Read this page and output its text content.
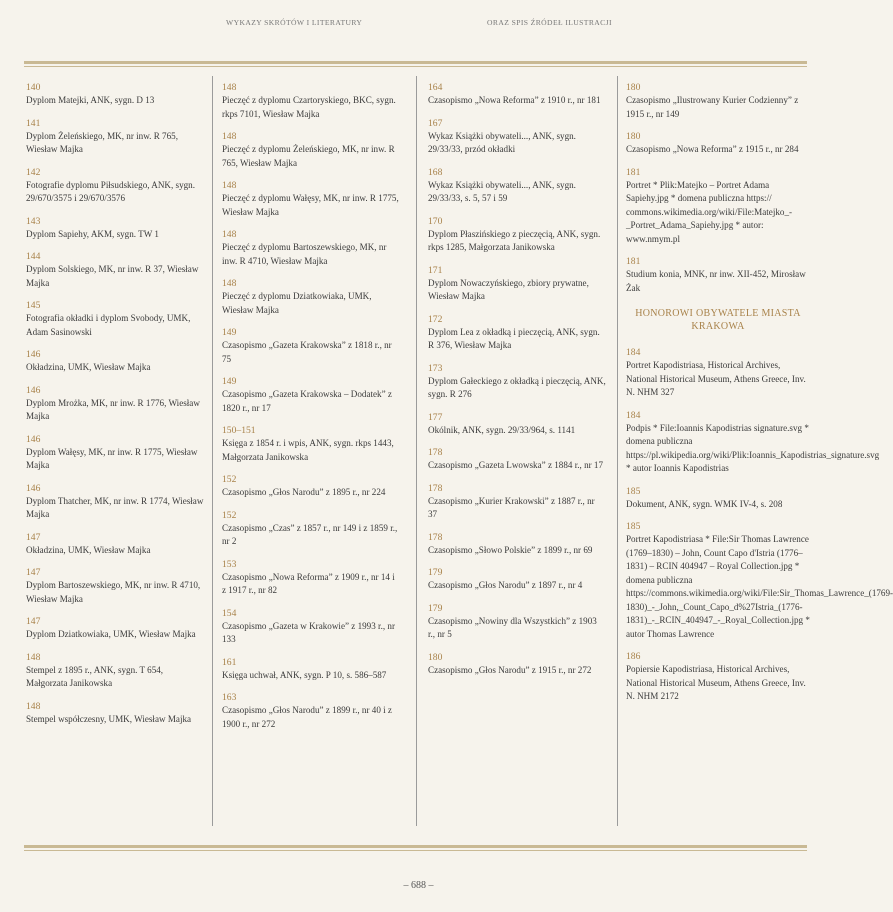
WYKAZY SKRÓTÓW I LITERATURY	ORAZ SPIS ŹRÓDEŁ ILUSTRACJI
140
Dyplom Matejki, ANK, sygn. D 13
141
Dyplom Żeleńskiego, MK, nr inw. R 765, Wiesław Majka
142
Fotografie dyplomu Piłsudskiego, ANK, sygn. 29/670/3575 i 29/670/3576
143
Dyplom Sapiehy, AKM, sygn. TW 1
144
Dyplom Solskiego, MK, nr inw. R 37, Wiesław Majka
145
Fotografia okładki i dyplom Svobody, UMK, Adam Sasinowski
146
Okładzina, UMK, Wiesław Majka
146
Dyplom Mrożka, MK, nr inw. R 1776, Wiesław Majka
146
Dyplom Wałęsy, MK, nr inw. R 1775, Wiesław Majka
146
Dyplom Thatcher, MK, nr inw. R 1774, Wiesław Majka
147
Okładzina, UMK, Wiesław Majka
147
Dyplom Bartoszewskiego, MK, nr inw. R 4710, Wiesław Majka
147
Dyplom Dziatkowiaka, UMK, Wiesław Majka
148
Stempel z 1895 r., ANK, sygn. T 654, Małgorzata Janikowska
148
Stempel współczesny, UMK, Wiesław Majka
148
Pieczęć z dyplomu Czartoryskiego, BKC, sygn. rkps 7101, Wiesław Majka
148
Pieczęć z dyplomu Żeleńskiego, MK, nr inw. R 765, Wiesław Majka
148
Pieczęć z dyplomu Wałęsy, MK, nr inw. R 1775, Wiesław Majka
148
Pieczęć z dyplomu Bartoszewskiego, MK, nr inw. R 4710, Wiesław Majka
148
Pieczęć z dyplomu Dziatkowiaka, UMK, Wiesław Majka
149
Czasopismo „Gazeta Krakowska” z 1818 r., nr 75
149
Czasopismo „Gazeta Krakowska – Dodatek” z 1820 r., nr 17
150–151
Księga z 1854 r. i wpis, ANK, sygn. rkps 1443, Małgorzata Janikowska
152
Czasopismo „Głos Narodu” z 1895 r., nr 224
152
Czasopismo „Czas” z 1857 r., nr 149 i z 1859 r., nr 2
153
Czasopismo „Nowa Reforma” z 1909 r., nr 14 i z 1917 r., nr 82
154
Czasopismo „Gazeta w Krakowie” z 1993 r., nr 133
161
Księga uchwał, ANK, sygn. P 10, s. 586–587
163
Czasopismo „Głos Narodu” z 1899 r., nr 40 i z 1900 r., nr 272
164
Czasopismo „Nowa Reforma” z 1910 r., nr 181
167
Wykaz Książki obywateli..., ANK, sygn. 29/33/33, przód okładki
168
Wykaz Książki obywateli..., ANK, sygn. 29/33/33, s. 5, 57 i 59
170
Dyplom Płaszińskiego z pieczęcią, ANK, sygn. rkps 1285, Małgorzata Janikowska
171
Dyplom Nowaczyńskiego, zbiory prywatne, Wiesław Majka
172
Dyplom Lea z okładką i pieczęcią, ANK, sygn. R 376, Wiesław Majka
173
Dyplom Gałeckiego z okładką i pieczęcią, ANK, sygn. R 276
177
Okólnik, ANK, sygn. 29/33/964, s. 1141
178
Czasopismo „Gazeta Lwowska” z 1884 r., nr 17
178
Czasopismo „Kurier Krakowski” z 1887 r., nr 37
178
Czasopismo „Słowo Polskie” z 1899 r., nr 69
179
Czasopismo „Głos Narodu” z 1897 r., nr 4
179
Czasopismo „Nowiny dla Wszystkich” z 1903 r., nr 5
180
Czasopismo „Głos Narodu” z 1915 r., nr 272
180
Czasopismo „Ilustrowany Kurier Codzienny” z 1915 r., nr 149
180
Czasopismo „Nowa Reforma” z 1915 r., nr 284
181
Portret * Plik:Matejko – Portret Adama Sapiehy.jpg * domena publiczna https:// commons.wikimedia.org/wiki/File:Matejko_-_Portret_Adama_Sapiehy.jpg * autor: www.nmym.pl
181
Studium konia, MNK, nr inw. XII-452, Mirosław Żak
HONOROWI OBYWATELE MIASTA KRAKOWA
184
Portret Kapodistriasa, Historical Archives, National Historical Museum, Athens Greece, Inv. N. NHM 327
184
Podpis * File:Ioannis Kapodistrias signature.svg * domena publiczna https://pl.wikipedia.org/wiki/Plik:Ioannis_Kapodistrias_signature.svg * autor Ioannis Kapodistrias
185
Dokument, ANK, sygn. WMK IV-4, s. 208
185
Portret Kapodistriasa * File:Sir Thomas Lawrence (1769–1830) – John, Count Capo d'Istria (1776–1831) – RCIN 404947 – Royal Collection.jpg * domena publiczna https://commons.wikimedia.org/wiki/File:Sir_Thomas_Lawrence_(1769-1830)_-_John,_Count_Capo_d%27Istria_(1776-1831)_-_RCIN_404947_-_Royal_Collection.jpg * autor Thomas Lawrence
186
Popiersie Kapodistriasa, Historical Archives, National Historical Museum, Athens Greece, Inv. N. NHM 2172
– 688 –
